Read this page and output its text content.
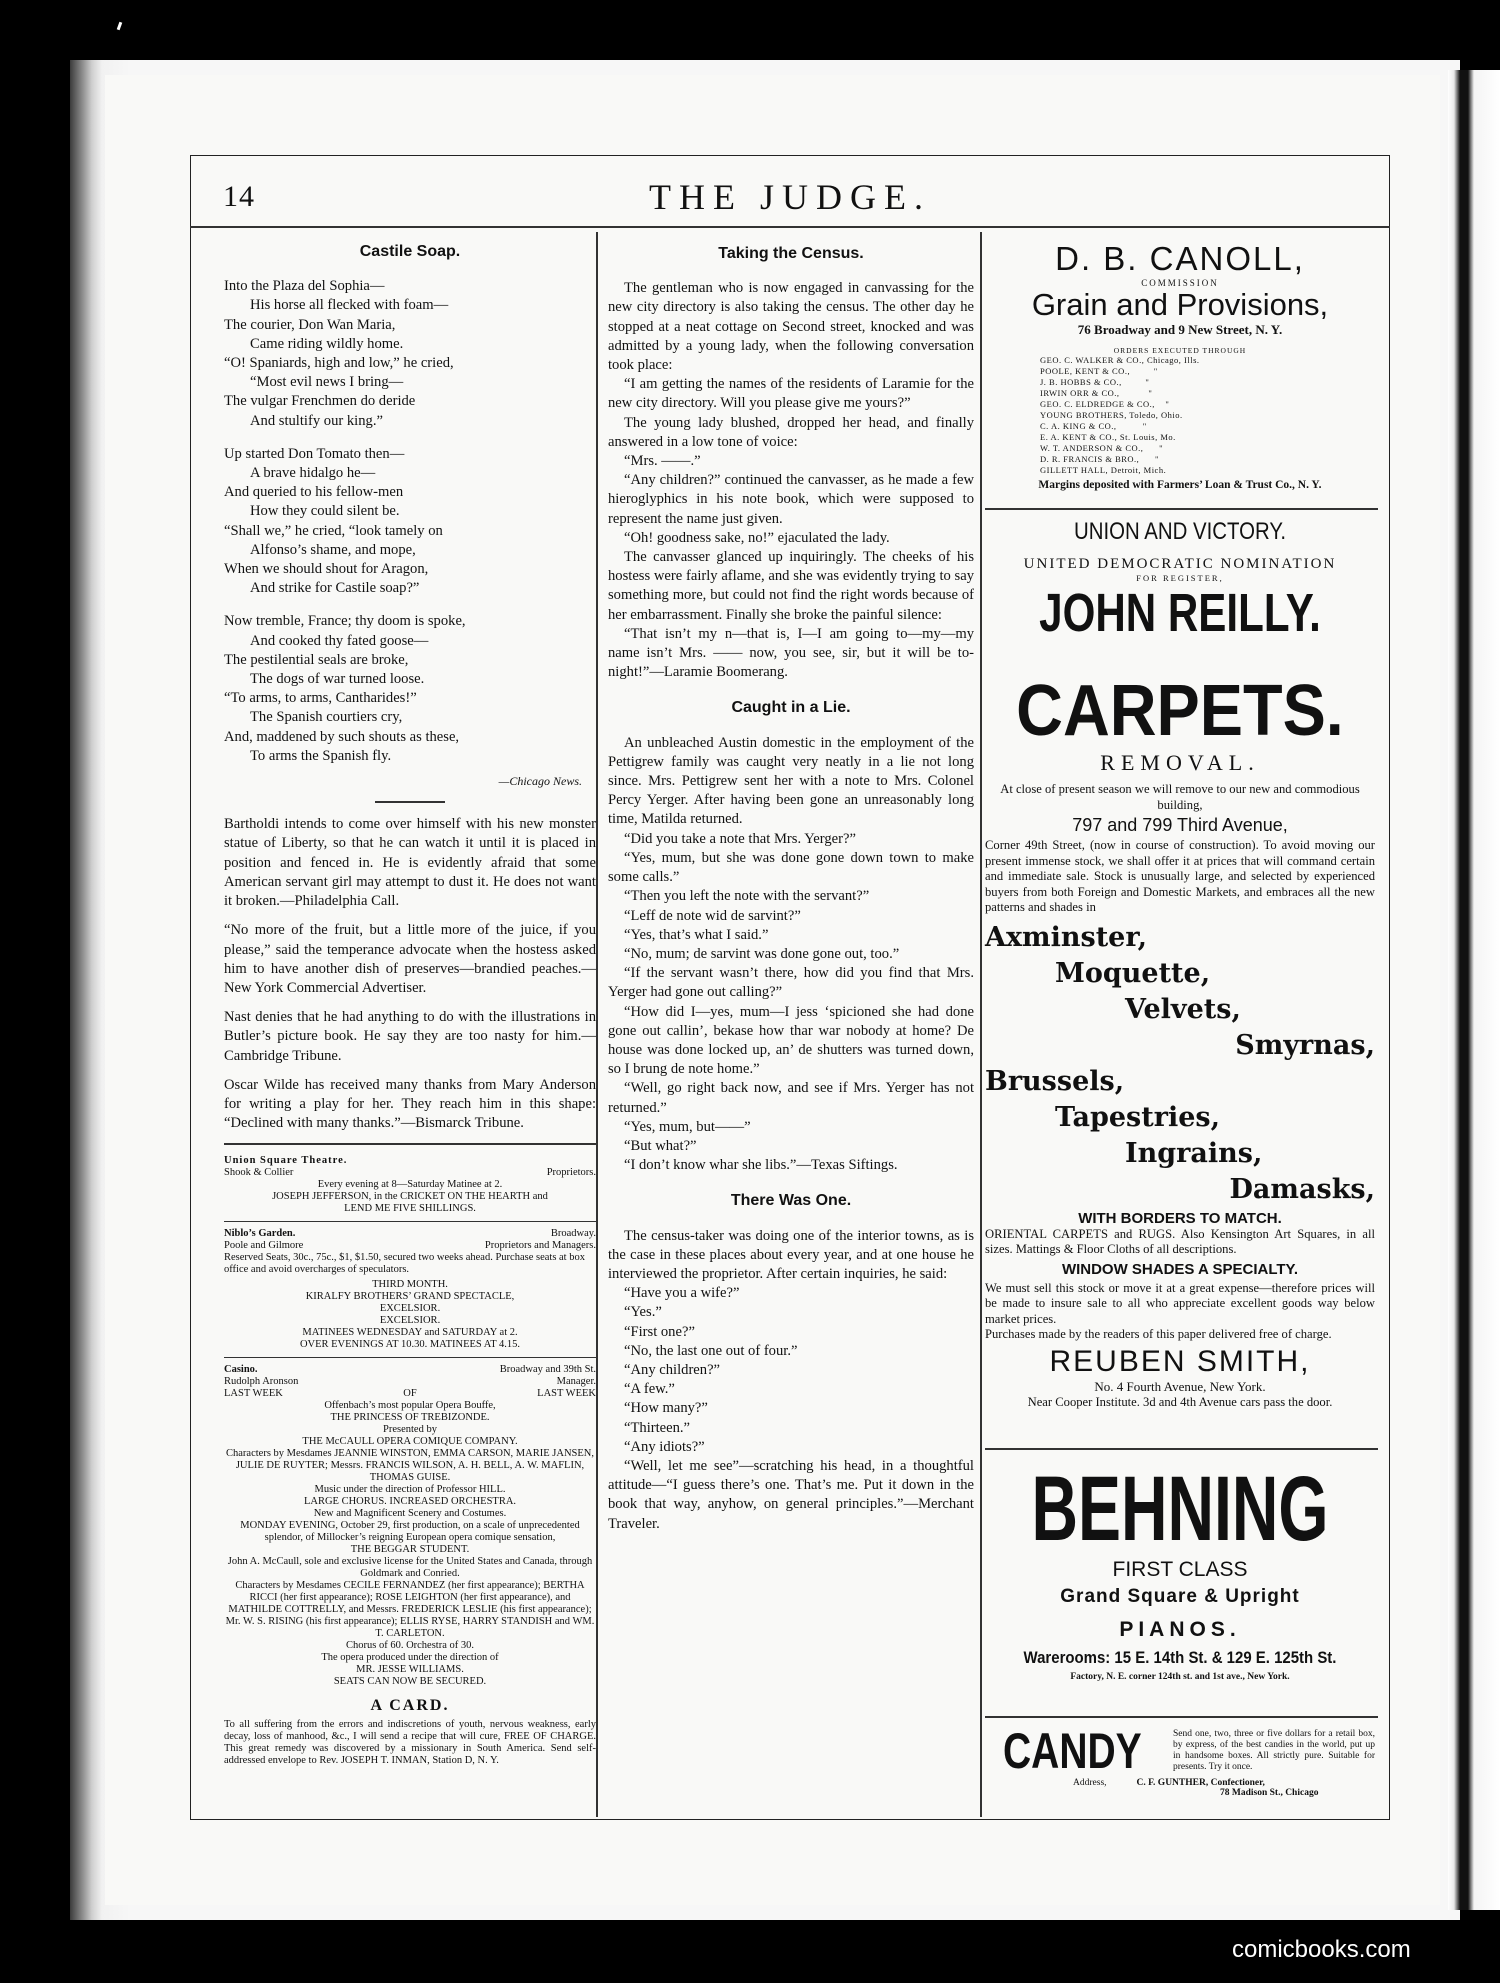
14	THE JUDGE.
Castile Soap.
Into the Plaza del Sophia—
His horse all flecked with foam—
The courier, Don Wan Maria,
Came riding wildly home.
“O! Spaniards, high and low,” he cried,
“Most evil news I bring—
The vulgar Frenchmen do deride
And stultify our king.”
Up started Don Tomato then—
A brave hidalgo he—
And queried to his fellow-men
How they could silent be.
“Shall we,” he cried, “look tamely on
Alfonso’s shame, and mope,
When we should shout for Aragon,
And strike for Castile soap?”
Now tremble, France; thy doom is spoke,
And cooked thy fated goose—
The pestilential seals are broke,
The dogs of war turned loose.
“To arms, to arms, Cantharides!”
The Spanish courtiers cry,
And, maddened by such shouts as these,
To arms the Spanish fly.
—Chicago News.

Bartholdi intends to come over himself with his new monster statue of Liberty, so that he can watch it until it is placed in position and fenced in. He is evidently afraid that some American servant girl may attempt to dust it. He does not want it broken.—Philadelphia Call.

“No more of the fruit, but a little more of the juice, if you please,” said the temperance advocate when the hostess asked him to have another dish of preserves—brandied peaches.—New York Commercial Advertiser.

Nast denies that he had anything to do with the illustrations in Butler’s picture book. He say they are too nasty for him.—Cambridge Tribune.

Oscar Wilde has received many thanks from Mary Anderson for writing a play for her. They reach him in this shape: “Declined with many thanks.”—Bismarck Tribune.

Union Square Theatre.
Shook & Collier	Proprietors.
Every evening at 8—Saturday Matinee at 2.
JOSEPH JEFFERSON, in the CRICKET ON THE HEARTH and
LEND ME FIVE SHILLINGS.
Niblo’s Garden.	Broadway.
Poole and Gilmore	Proprietors and Managers.
Reserved Seats, 30c., 75c., $1, $1.50, secured two weeks ahead. Purchase seats at box office and avoid overcharges of speculators.
THIRD MONTH.
KIRALFY BROTHERS’ GRAND SPECTACLE,
EXCELSIOR.
EXCELSIOR.
MATINEES WEDNESDAY and SATURDAY at 2.
OVER EVENINGS AT 10.30. MATINEES AT 4.15.
Casino.	Broadway and 39th St.
Rudolph Aronson	Manager.
LAST WEEK	OF	LAST WEEK
Offenbach’s most popular Opera Bouffe,
THE PRINCESS OF TREBIZONDE.
Presented by
THE McCAULL OPERA COMIQUE COMPANY.
Characters by Mesdames JEANNIE WINSTON, EMMA CARSON, MARIE JANSEN, JULIE DE RUYTER; Messrs. FRANCIS WILSON, A. H. BELL, A. W. MAFLIN, THOMAS GUISE.
Music under the direction of Professor HILL.
LARGE CHORUS. INCREASED ORCHESTRA.
New and Magnificent Scenery and Costumes.
MONDAY EVENING, October 29, first production, on a scale of unprecedented splendor, of Millocker’s reigning European opera comique sensation,
THE BEGGAR STUDENT.
John A. McCaull, sole and exclusive license for the United States and Canada, through Goldmark and Conried.
Characters by Mesdames CECILE FERNANDEZ (her first appearance); BERTHA RICCI (her first appearance); ROSE LEIGHTON (her first appearance), and MATHILDE COTTRELLY, and Messrs. FREDERICK LESLIE (his first appearance); Mr. W. S. RISING (his first appearance); ELLIS RYSE, HARRY STANDISH and WM. T. CARLETON.
Chorus of 60. Orchestra of 30.
The opera produced under the direction of
MR. JESSE WILLIAMS.
SEATS CAN NOW BE SECURED.
A CARD.
To all suffering from the errors and indiscretions of youth, nervous weakness, early decay, loss of manhood, &c., I will send a recipe that will cure, FREE OF CHARGE. This great remedy was discovered by a missionary in South America. Send self-addressed envelope to Rev. JOSEPH T. INMAN, Station D, N. Y.
Taking the Census.

The gentleman who is now engaged in canvassing for the new city directory is also taking the census. The other day he stopped at a neat cottage on Second street, knocked and was admitted by a young lady, when the following conversation took place:

“I am getting the names of the residents of Laramie for the new city directory. Will you please give me yours?”

The young lady blushed, dropped her head, and finally answered in a low tone of voice:

“Mrs. ——.”

“Any children?” continued the canvasser, as he made a few hieroglyphics in his note book, which were supposed to represent the name just given.

“Oh! goodness sake, no!” ejaculated the lady.

The canvasser glanced up inquiringly. The cheeks of his hostess were fairly aflame, and she was evidently trying to say something more, but could not find the right words because of her embarrassment. Finally she broke the painful silence:

“That isn’t my n—that is, I—I am going to—my—my name isn’t Mrs. —— now, you see, sir, but it will be to-night!”—Laramie Boomerang.

Caught in a Lie.

An unbleached Austin domestic in the employment of the Pettigrew family was caught very neatly in a lie not long since. Mrs. Pettigrew sent her with a note to Mrs. Colonel Percy Yerger. After having been gone an unreasonably long time, Matilda returned.

“Did you take a note that Mrs. Yerger?”

“Yes, mum, but she was done gone down town to make some calls.”

“Then you left the note with the servant?”

“Leff de note wid de sarvint?”

“Yes, that’s what I said.”

“No, mum; de sarvint was done gone out, too.”

“If the servant wasn’t there, how did you find that Mrs. Yerger had gone out calling?”

“How did I—yes, mum—I jess ‘spicioned she had done gone out callin’, bekase how thar war nobody at home? De house was done locked up, an’ de shutters was turned down, so I brung de note home.”

“Well, go right back now, and see if Mrs. Yerger has not returned.”

“Yes, mum, but——”

“But what?”

“I don’t know whar she libs.”—Texas Siftings.

There Was One.

The census-taker was doing one of the interior towns, as is the case in these places about every year, and at one house he interviewed the proprietor. After certain inquiries, he said:

“Have you a wife?”

“Yes.”

“First one?”

“No, the last one out of four.”

“Any children?”

“A few.”

“How many?”

“Thirteen.”

“Any idiots?”

“Well, let me see”—scratching his head, in a thoughtful attitude—“I guess there’s one. That’s me. Put it down in the book that way, anyhow, on general principles.”—Merchant Traveler.

D. B. CANOLL,
COMMISSION
Grain and Provisions,
76 Broadway and 9 New Street, N. Y.
ORDERS EXECUTED THROUGH
GEO. C. WALKER & CO., Chicago, Ills.
POOLE, KENT & CO.,         "
J. B. HOBBS & CO.,         "
IRWIN ORR & CO.,           "
GEO. C. ELDREDGE & CO.,    "
YOUNG BROTHERS, Toledo, Ohio.
C. A. KING & CO.,          "
E. A. KENT & CO., St. Louis, Mo.
W. T. ANDERSON & CO.,      "
D. R. FRANCIS & BRO.,      "
GILLETT HALL, Detroit, Mich.
Margins deposited with Farmers’ Loan & Trust Co., N. Y.
UNION AND VICTORY.
UNITED DEMOCRATIC NOMINATION
FOR REGISTER,
JOHN REILLY.
CARPETS.
REMOVAL.
At close of present season we will remove to our new and commodious building,
797 and 799 Third Avenue,
Corner 49th Street, (now in course of construction). To avoid moving our present immense stock, we shall offer it at prices that will command certain and immediate sale. Stock is unusually large, and selected by experienced buyers from both Foreign and Domestic Markets, and embraces all the new patterns and shades in
Axminster,
Moquette,
Velvets,
Smyrnas,
Brussels,
Tapestries,
Ingrains,
Damasks,
WITH BORDERS TO MATCH.
ORIENTAL CARPETS and RUGS. Also Kensington Art Squares, in all sizes. Mattings & Floor Cloths of all descriptions.
WINDOW SHADES A SPECIALTY.
We must sell this stock or move it at a great expense—therefore prices will be made to insure sale to all who appreciate excellent goods way below market prices.
Purchases made by the readers of this paper delivered free of charge.
REUBEN SMITH,
No. 4 Fourth Avenue, New York.
Near Cooper Institute. 3d and 4th Avenue cars pass the door.
BEHNING
FIRST CLASS
Grand Square & Upright
PIANOS.
Warerooms: 15 E. 14th St. & 129 E. 125th St.
Factory, N. E. corner 124th st. and 1st ave., New York.
CANDY	Send one, two, three or five dollars for a retail box, by express, of the best candies in the world, put up in handsome boxes. All strictly pure. Suitable for presents. Try it once.
Address,	C. F. GUNTHER, Confectioner,
78 Madison St., Chicago
comicbooks.com
